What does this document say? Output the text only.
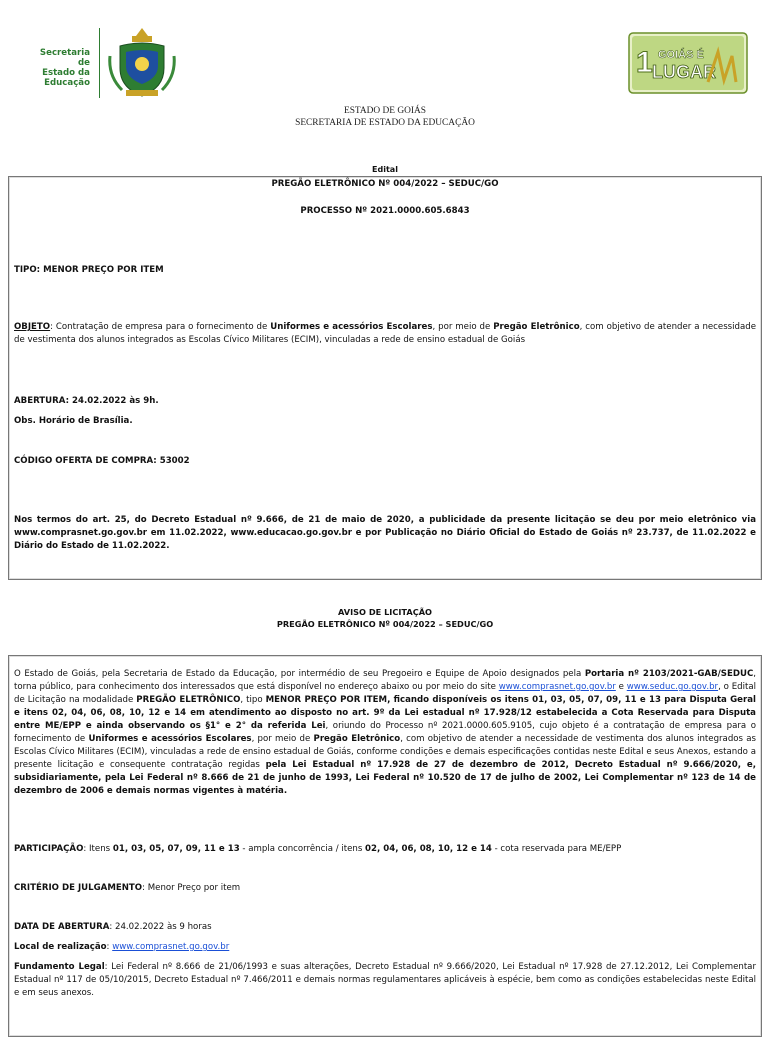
Secretaria de
Estado da
Educação
1 GOIÁS É
LUGAR
ESTADO DE GOIÁS
SECRETARIA DE ESTADO DA EDUCAÇÃO
Edital
PREGÃO ELETRÔNICO Nº 004/2022 – SEDUC/GO
PROCESSO Nº 2021.0000.605.6843
TIPO: MENOR PREÇO POR ITEM
OBJETO: Contratação de empresa para o fornecimento de Uniformes e acessórios Escolares, por meio de Pregão Eletrônico, com objetivo de atender a necessidade de vestimenta dos alunos integrados as Escolas Cívico Militares (ECIM), vinculadas a rede de ensino estadual de Goiás
ABERTURA: 24.02.2022 às 9h.
Obs. Horário de Brasília.
CÓDIGO OFERTA DE COMPRA: 53002
Nos termos do art. 25, do Decreto Estadual nº 9.666, de 21 de maio de 2020, a publicidade da presente licitação se deu por meio eletrônico via www.comprasnet.go.gov.br em 11.02.2022, www.educacao.go.gov.br e por Publicação no Diário Oficial do Estado de Goiás nº 23.737, de 11.02.2022 e Diário do Estado de 11.02.2022.
AVISO DE LICITAÇÃO
PREGÃO ELETRÔNICO Nº 004/2022 – SEDUC/GO
O Estado de Goiás, pela Secretaria de Estado da Educação, por intermédio de seu Pregoeiro e Equipe de Apoio designados pela Portaria nº 2103/2021-GAB/SEDUC, torna público, para conhecimento dos interessados que está disponível no endereço abaixo ou por meio do site www.comprasnet.go.gov.br e www.seduc.go.gov.br, o Edital de Licitação na modalidade PREGÃO ELETRÔNICO, tipo MENOR PREÇO POR ITEM, ficando disponíveis os itens 01, 03, 05, 07, 09, 11 e 13 para Disputa Geral e itens 02, 04, 06, 08, 10, 12 e 14 em atendimento ao disposto no art. 9º da Lei estadual nº 17.928/12 estabelecida a Cota Reservada para Disputa entre ME/EPP e ainda observando os §1° e 2° da referida Lei, oriundo do Processo nº 2021.0000.605.9105, cujo objeto é a contratação de empresa para o fornecimento de Uniformes e acessórios Escolares, por meio de Pregão Eletrônico, com objetivo de atender a necessidade de vestimenta dos alunos integrados as Escolas Cívico Militares (ECIM), vinculadas a rede de ensino estadual de Goiás, conforme condições e demais especificações contidas neste Edital e seus Anexos, estando a presente licitação e consequente contratação regidas pela Lei Estadual nº 17.928 de 27 de dezembro de 2012, Decreto Estadual nº 9.666/2020, e, subsidiariamente, pela Lei Federal nº 8.666 de 21 de junho de 1993, Lei Federal nº 10.520 de 17 de julho de 2002, Lei Complementar nº 123 de 14 de dezembro de 2006 e demais normas vigentes à matéria.
PARTICIPAÇÃO: Itens 01, 03, 05, 07, 09, 11 e 13 - ampla concorrência / itens 02, 04, 06, 08, 10, 12 e 14 - cota reservada para ME/EPP
CRITÉRIO DE JULGAMENTO: Menor Preço por item
DATA DE ABERTURA: 24.02.2022 às 9 horas
Local de realização: www.comprasnet.go.gov.br
Fundamento Legal: Lei Federal nº 8.666 de 21/06/1993 e suas alterações, Decreto Estadual nº 9.666/2020, Lei Estadual nº 17.928 de 27.12.2012, Lei Complementar Estadual nº 117 de 05/10/2015, Decreto Estadual nº 7.466/2011 e demais normas regulamentares aplicáveis à espécie, bem como as condições estabelecidas neste Edital e em seus anexos.
